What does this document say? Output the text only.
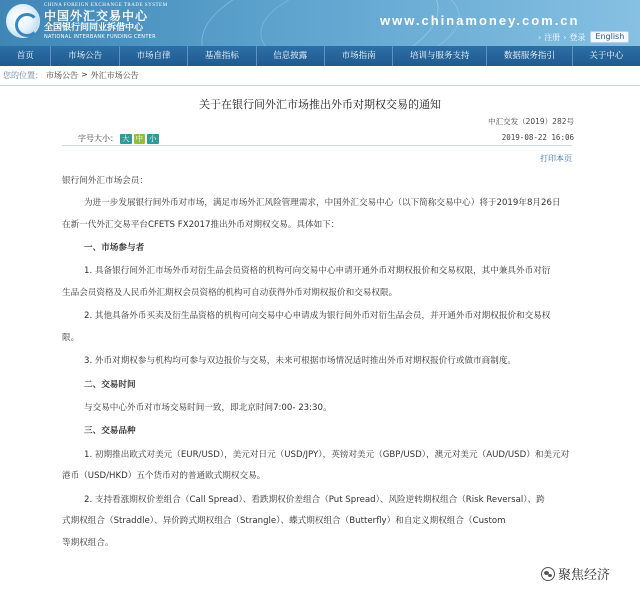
CHINA FOREIGN EXCHANGE TRADE SYSTEM
中国外汇交易中心
全国银行间同业拆借中心
NATIONAL INTERBANK FUNDING CENTER
www.chinamoney.com.cn
› 注册 › 登录	English
首页	市场公告	市场自律	基准指标	信息披露	市场指南	培训与服务支持	数据服务指引	关于中心
您的位置： 市场公告 > 外汇市场公告
关于在银行间外汇市场推出外币对期权交易的通知
中汇交发（2019）282号
字号大小： 大 中 小	2019-08-22 16:06
打印本页

银行间外汇市场会员：

为进一步发展银行间外币对市场，满足市场外汇风险管理需求，中国外汇交易中心（以下简称交易中心）将于2019年8月26日

在新一代外汇交易平台CFETS FX2017推出外币对期权交易。具体如下：

一、市场参与者

1. 具备银行间外汇市场外币对衍生品会员资格的机构可向交易中心申请开通外币对期权报价和交易权限，其中兼具外币对衍

生品会员资格及人民币外汇期权会员资格的机构可自动获得外币对期权报价和交易权限。

2. 其他具备外币买卖及衍生品资格的机构可向交易中心申请成为银行间外币对衍生品会员，并开通外币对期权报价和交易权

限。

3. 外币对期权参与机构均可参与双边报价与交易，未来可根据市场情况适时推出外币对期权报价行或做市商制度。

二、交易时间

与交易中心外币对市场交易时间一致，即北京时间7:00- 23:30。

三、交易品种

1. 初期推出欧式对美元（EUR/USD），美元对日元（USD/JPY），英镑对美元（GBP/USD），澳元对美元（AUD/USD）和美元对

港币（USD/HKD）五个货币对的普通欧式期权交易。

2. 支持看涨期权价差组合（Call Spread）、看跌期权价差组合（Put Spread）、风险逆转期权组合（Risk Reversal）、跨

式期权组合（Straddle）、异价跨式期权组合（Strangle）、蝶式期权组合（Butterfly）和自定义期权组合（Custom

等期权组合。

聚焦经济
